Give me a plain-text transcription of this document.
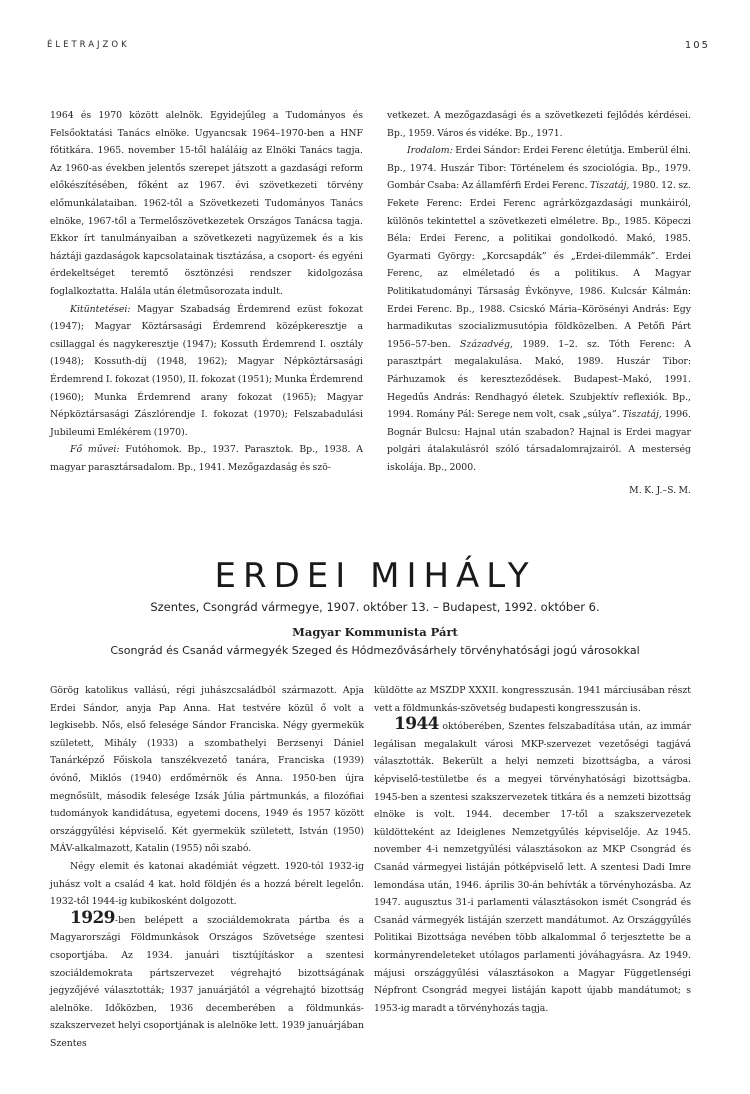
ÉLETRAJZOK	105

1964 és 1970 között alelnök. Egyidejűleg a Tudományos és Felsőoktatási Tanács elnöke. Ugyancsak 1964–1970-ben a HNF főtitkára. 1965. november 15-től haláláig az Elnöki Tanács tagja. Az 1960-as években jelentős szerepet játszott a gazdasági reform előkészítésében, főként az 1967. évi szövetkezeti törvény előmunkálataiban. 1962-től a Szövetkezeti Tudományos Tanács elnöke, 1967-től a Termelőszövetkezetek Országos Tanácsa tagja. Ekkor írt tanulmányaiban a szövetkezeti nagyüzemek és a kis háztáji gazdaságok kapcsolatainak tisztázása, a csoport- és egyéni érdekeltséget teremtő ösztönzési rendszer kidolgozása foglalkoztatta. Halála után életműsorozata indult.

Kitüntetései: Magyar Szabadság Érdemrend ezüst fokozat (1947); Magyar Köztársasági Érdemrend középkeresztje a csillaggal és nagykeresztje (1947); Kossuth Érdemrend I. osztály (1948); Kossuth-díj (1948, 1962); Magyar Népköztársasági Érdemrend I. fokozat (1950), II. fokozat (1951); Munka Érdemrend (1960); Munka Érdemrend arany fokozat (1965); Magyar Népköztársasági Zászlórendje I. fokozat (1970); Felszabadulási Jubileumi Emlékérem (1970).

Fő művei: Futóhomok. Bp., 1937. Parasztok. Bp., 1938. A magyar parasztársadalom. Bp., 1941. Mezőgazdaság és szö-

vetkezet. A mezőgazdasági és a szövetkezeti fejlődés kérdései. Bp., 1959. Város és vidéke. Bp., 1971.

Irodalom: Erdei Sándor: Erdei Ferenc életútja. Emberül élni. Bp., 1974. Huszár Tibor: Történelem és szociológia. Bp., 1979. Gombár Csaba: Az államférfi Erdei Ferenc. Tiszatáj, 1980. 12. sz. Fekete Ferenc: Erdei Ferenc agrárközgazdasági munkáiról, különös tekintettel a szövetkezeti elméletre. Bp., 1985. Köpeczi Béla: Erdei Ferenc, a politikai gondolkodó. Makó, 1985. Gyarmati György: „Korcsapdák” és „Erdei-dilemmák”. Erdei Ferenc, az elméletadó és a politikus. A Magyar Politikatudományi Társaság Évkönyve, 1986. Kulcsár Kálmán: Erdei Ferenc. Bp., 1988. Csicskó Mária–Körösényi András: Egy harmadikutas szocializmusutópia földközelben. A Petőfi Párt 1956–57-ben. Századvég, 1989. 1–2. sz. Tóth Ferenc: A parasztpárt megalakulása. Makó, 1989. Huszár Tibor: Párhuzamok és kereszteződések. Budapest–Makó, 1991. Hegedűs András: Rendhagyó életek. Szubjektív reflexiók. Bp., 1994. Romány Pál: Serege nem volt, csak „súlya”. Tiszatáj, 1996. Bognár Bulcsu: Hajnal után szabadon? Hajnal is Erdei magyar polgári átalakulásról szóló társadalomrajzairól. A mesterség iskolája. Bp., 2000.

M. K. J.–S. M.

ERDEI MIHÁLY
Szentes, Csongrád vármegye, 1907. október 13. – Budapest, 1992. október 6.
Magyar Kommunista Párt
Csongrád és Csanád vármegyék Szeged és Hódmezővásárhely törvényhatósági jogú városokkal

Görög katolikus vallású, régi juhászcsaládból származott. Apja Erdei Sándor, anyja Pap Anna. Hat testvére közül ő volt a legkisebb. Nős, első felesége Sándor Franciska. Négy gyermekük született, Mihály (1933) a szombathelyi Berzsenyi Dániel Tanárképző Főiskola tanszékvezető tanára, Franciska (1939) óvónő, Miklós (1940) erdőmérnök és Anna. 1950-ben újra megnősült, második felesége Izsák Júlia pártmunkás, a filozófiai tudományok kandidátusa, egyetemi docens, 1949 és 1957 között országgyűlési képviselő. Két gyermekük született, István (1950) MÁV-alkalmazott, Katalin (1955) női szabó.

Négy elemit és katonai akadémiát végzett. 1920-tól 1932-ig juhász volt a család 4 kat. hold földjén és a hozzá bérelt legelőn. 1932-től 1944-ig kubikosként dolgozott.

1929-ben belépett a szociáldemokrata pártba és a Magyarországi Földmunkások Országos Szövetsége szentesi csoportjába. Az 1934. januári tisztújításkor a szentesi szociáldemokrata pártszervezet végrehajtó bizottságának jegyzőjévé választották; 1937 januárjától a végrehajtó bizottság alelnöke. Időközben, 1936 decemberében a földmunkás-szakszervezet helyi csoportjának is alelnöke lett. 1939 januárjában Szentes

küldötte az MSZDP XXXII. kongresszusán. 1941 márciusában részt vett a földmunkás-szövetség budapesti kongresszusán is.

1944 októberében, Szentes felszabadítása után, az immár legálisan megalakult városi MKP-szervezet vezetőségi tagjává választották. Bekerült a helyi nemzeti bizottságba, a városi képviselő-testületbe és a megyei törvényhatósági bizottságba. 1945-ben a szentesi szakszervezetek titkára és a nemzeti bizottság elnöke is volt. 1944. december 17-től a szakszervezetek küldötteként az Ideiglenes Nemzetgyűlés képviselője. Az 1945. november 4-i nemzetgyűlési választásokon az MKP Csongrád és Csanád vármegyei listáján pótképviselő lett. A szentesi Dadi Imre lemondása után, 1946. április 30-án behívták a törvényhozásba. Az 1947. augusztus 31-i parlamenti választásokon ismét Csongrád és Csanád vármegyék listáján szerzett mandátumot. Az Országgyűlés Politikai Bizottsága nevében több alkalommal ő terjesztette be a kormányrendeleteket utólagos parlamenti jóváhagyásra. Az 1949. májusi országgyűlési választásokon a Magyar Függetlenségi Népfront Csongrád megyei listáján kapott újabb mandátumot; s 1953-ig maradt a törvényhozás tagja.
